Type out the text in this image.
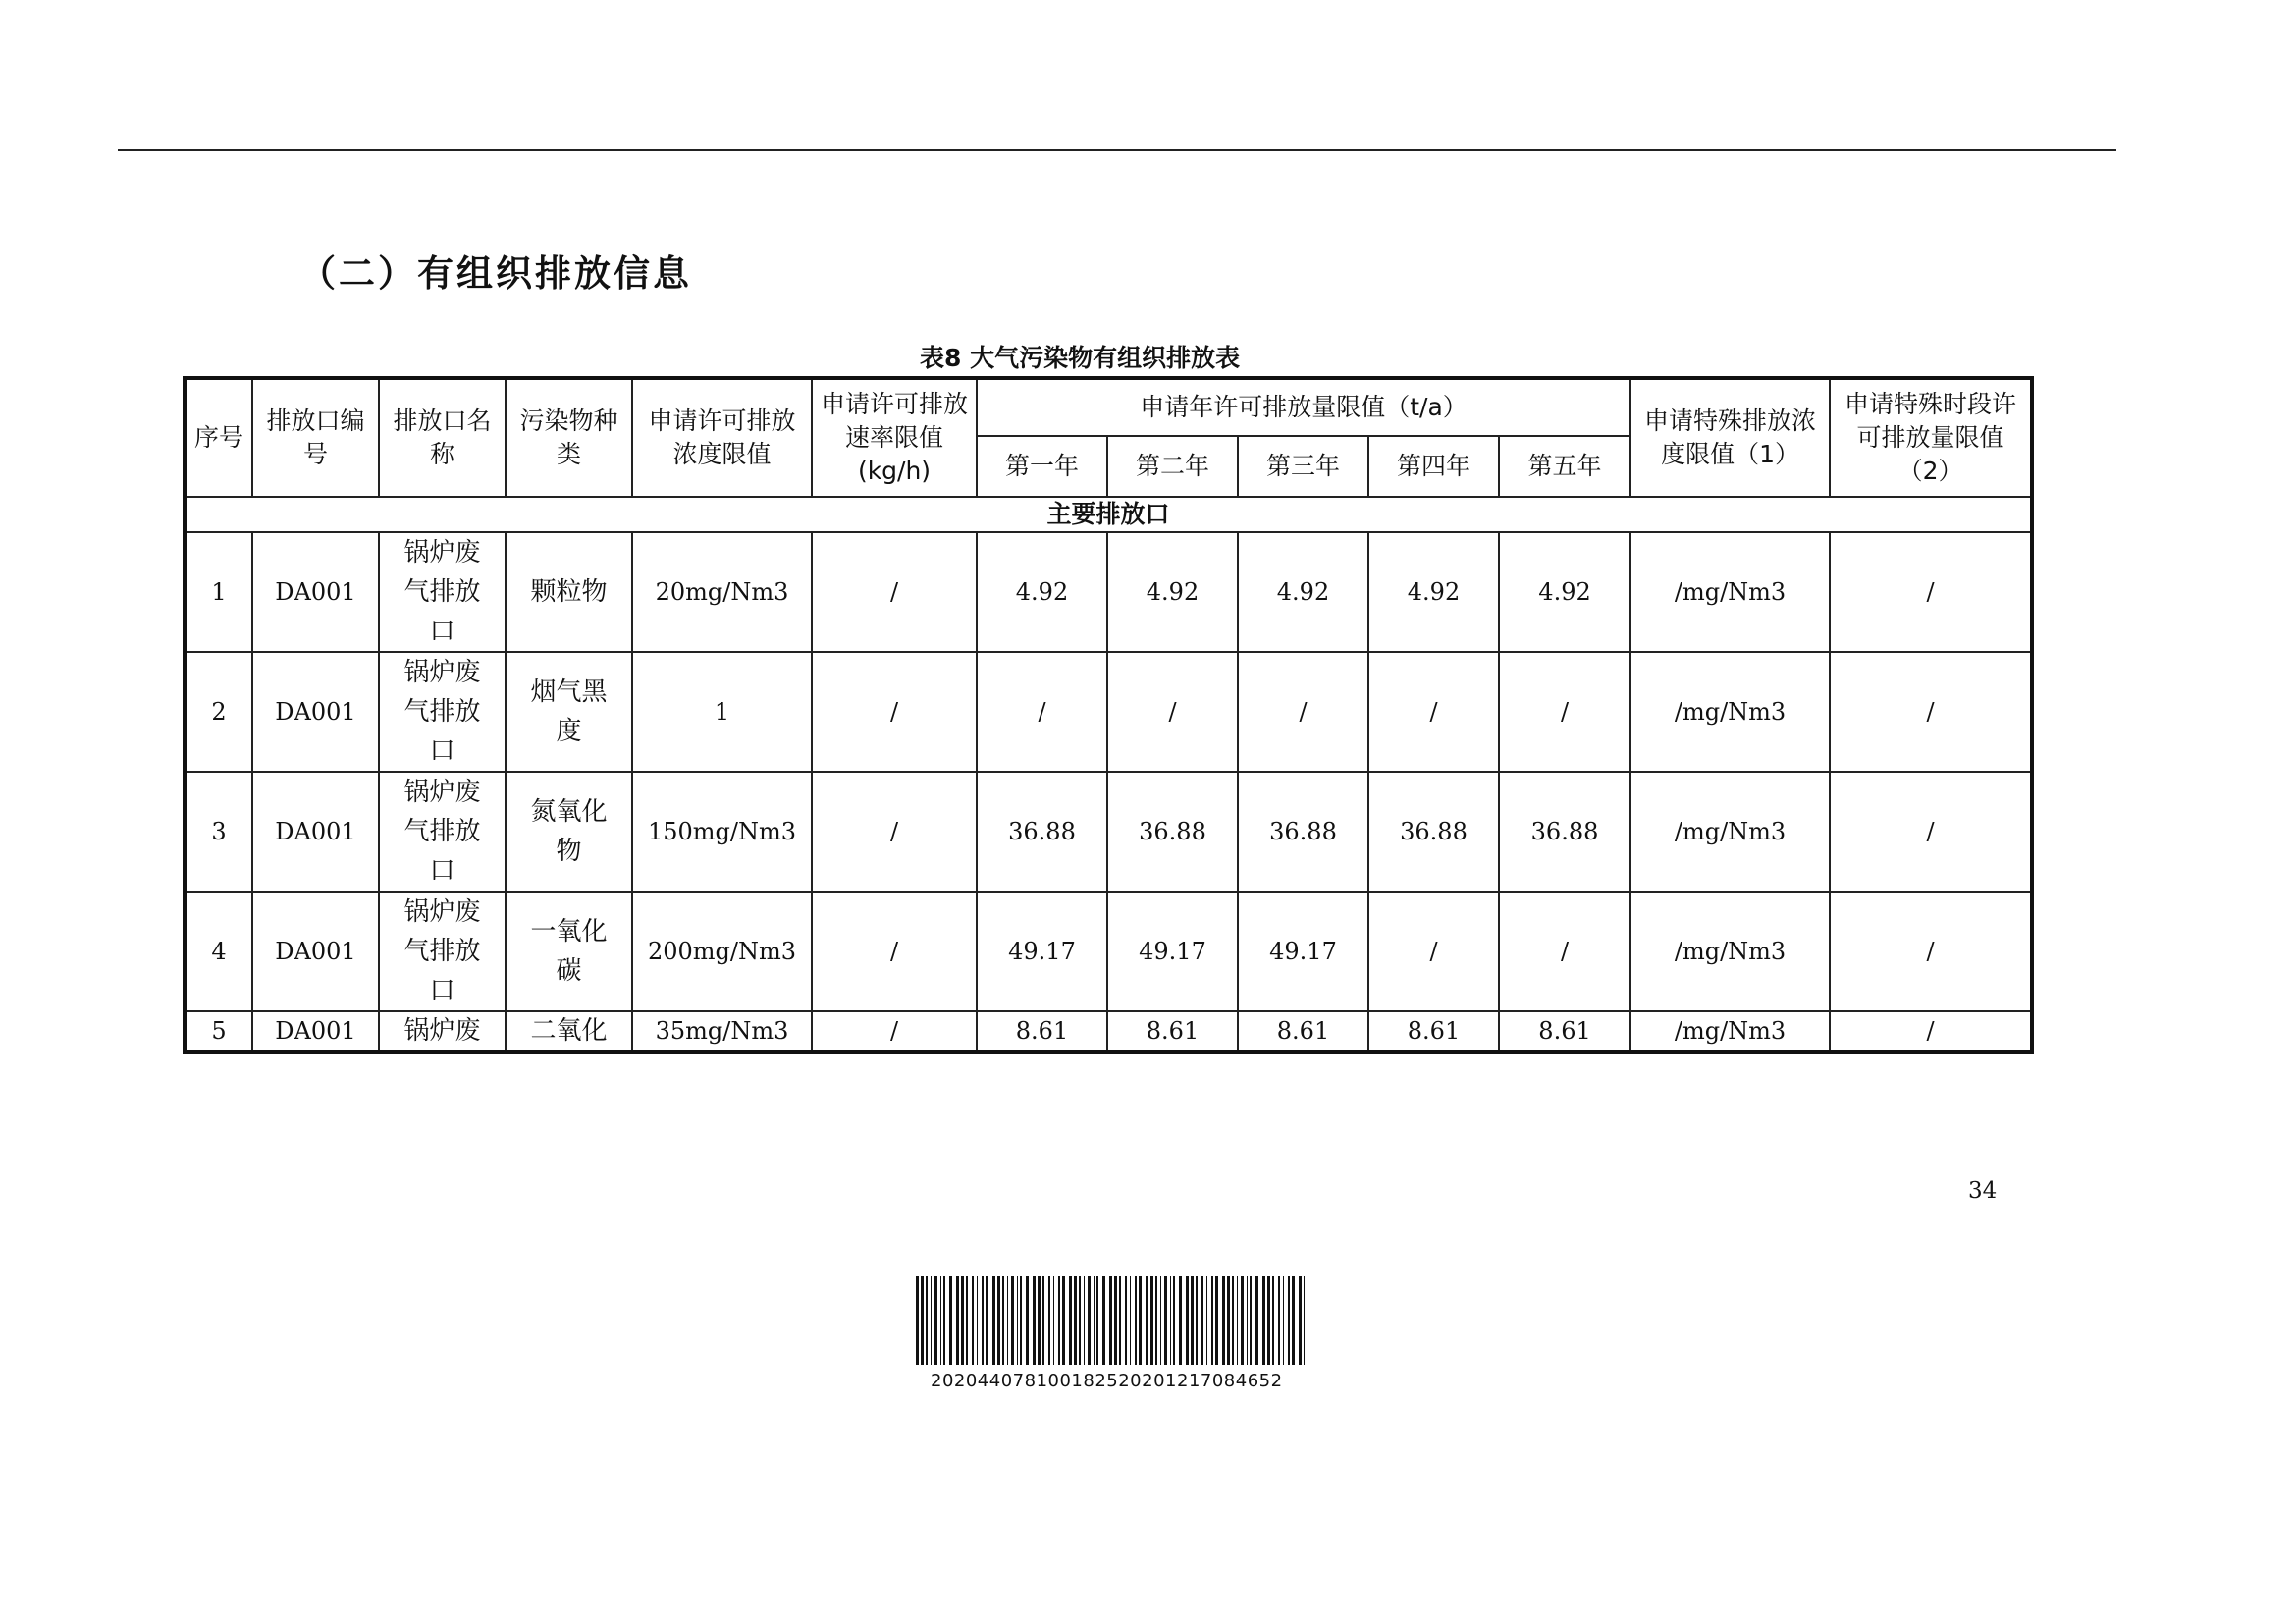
（二）有组织排放信息
表8 大气污染物有组织排放表
序号	排放口编号	排放口名称	污染物种类	申请许可排放浓度限值	申请许可排放速率限值(kg/h)	申请年许可排放量限值（t/a）					申请特殊排放浓度限值（1）	申请特殊时段许可排放量限值（2）
						第一年	第二年	第三年	第四年	第五年		
主要排放口												
1	DA001	锅炉废气排放口	颗粒物	20mg/Nm3	/	4.92	4.92	4.92	4.92	4.92	/mg/Nm3	/
2	DA001	锅炉废气排放口	烟气黑度	1	/	/	/	/	/	/	/mg/Nm3	/
3	DA001	锅炉废气排放口	氮氧化物	150mg/Nm3	/	36.88	36.88	36.88	36.88	36.88	/mg/Nm3	/
4	DA001	锅炉废气排放口	一氧化碳	200mg/Nm3	/	49.17	49.17	49.17	/	/	/mg/Nm3	/
5	DA001	锅炉废	二氧化	35mg/Nm3	/	8.61	8.61	8.61	8.61	8.61	/mg/Nm3	/
34
20204407810018252020121708465​2
